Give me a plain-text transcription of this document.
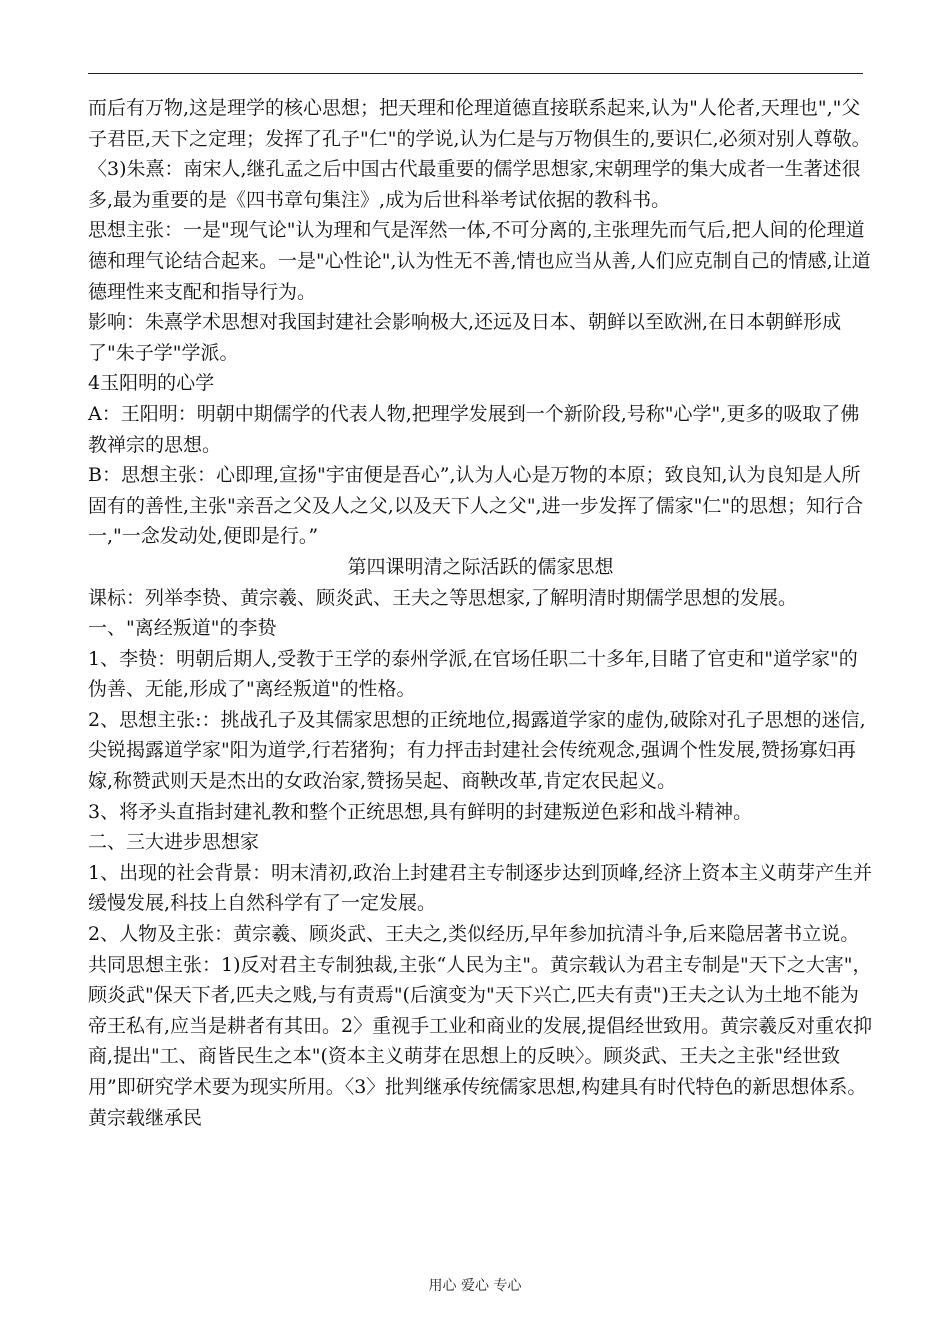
而后有万物,这是理学的核心思想；把天理和伦理道德直接联系起来,认为"人伦者,天理也","父子君臣,天下之定理；发挥了孔子"仁"的学说,认为仁是与万物俱生的,要识仁,必须对别人尊敬。

〈3)朱熹：南宋人,继孔孟之后中国古代最重要的儒学思想家,宋朝理学的集大成者一生著述很多,最为重要的是《四书章句集注》,成为后世科举考试依据的教科书。

思想主张：一是"现气论"认为理和气是浑然一体,不可分离的,主张理先而气后,把人间的伦理道德和理气论结合起来。一是"心性论",认为性无不善,情也应当从善,人们应克制自己的情感,让道德理性来支配和指导行为。

影响：朱熹学术思想对我国封建社会影响极大,还远及日本、朝鲜以至欧洲,在日本朝鲜形成了"朱子学"学派。

4玉阳明的心学

A：王阳明：明朝中期儒学的代表人物,把理学发展到一个新阶段,号称"心学",更多的吸取了佛教禅宗的思想。

B：思想主张：心即理,宣扬"宇宙便是吾心”,认为人心是万物的本原；致良知,认为良知是人所固有的善性,主张"亲吾之父及人之父,以及天下人之父",进一步发挥了儒家"仁"的思想；知行合一,"一念发动处,便即是行。”

第四课明清之际活跃的儒家思想

课标：列举李贽、黄宗羲、顾炎武、王夫之等思想家,了解明清时期儒学思想的发展。

一、"离经叛道"的李贽

1、李贽：明朝后期人,受教于王学的泰州学派,在官场任职二十多年,目睹了官吏和"道学家"的伪善、无能,形成了"离经叛道"的性格。

2、思想主张:：挑战孔子及其儒家思想的正统地位,揭露道学家的虚伪,破除对孔子思想的迷信,尖锐揭露道学家"阳为道学,行若猪狗；有力抨击封建社会传统观念,强调个性发展,赞扬寡妇再嫁,称赞武则天是杰出的女政治家,赞扬吴起、商鞅改革,肯定农民起义。

3、将矛头直指封建礼教和整个正统思想,具有鲜明的封建叛逆色彩和战斗精神。

二、三大进步思想家

1、出现的社会背景：明末清初,政治上封建君主专制逐步达到顶峰,经济上资本主义萌芽产生并缓慢发展,科技上自然科学有了一定发展。

2、人物及主张：黄宗羲、顾炎武、王夫之,类似经历,早年参加抗清斗争,后来隐居著书立说。

共同思想主张：1)反对君主专制独裁,主张“人民为主"。黄宗载认为君主专制是"天下之大害"，顾炎武"保天下者,匹夫之贱,与有责焉"(后演变为"天下兴亡,匹夫有责")王夫之认为土地不能为帝王私有,应当是耕者有其田。2〉重视手工业和商业的发展,提倡经世致用。黄宗羲反对重农抑商,提出"工、商皆民生之本"(资本主义萌芽在思想上的反映〉。顾炎武、王夫之主张"经世致用”即研究学术要为现实所用。〈3〉批判继承传统儒家思想,构建具有时代特色的新思想体系。黄宗载继承民

用心 爱心 专心
